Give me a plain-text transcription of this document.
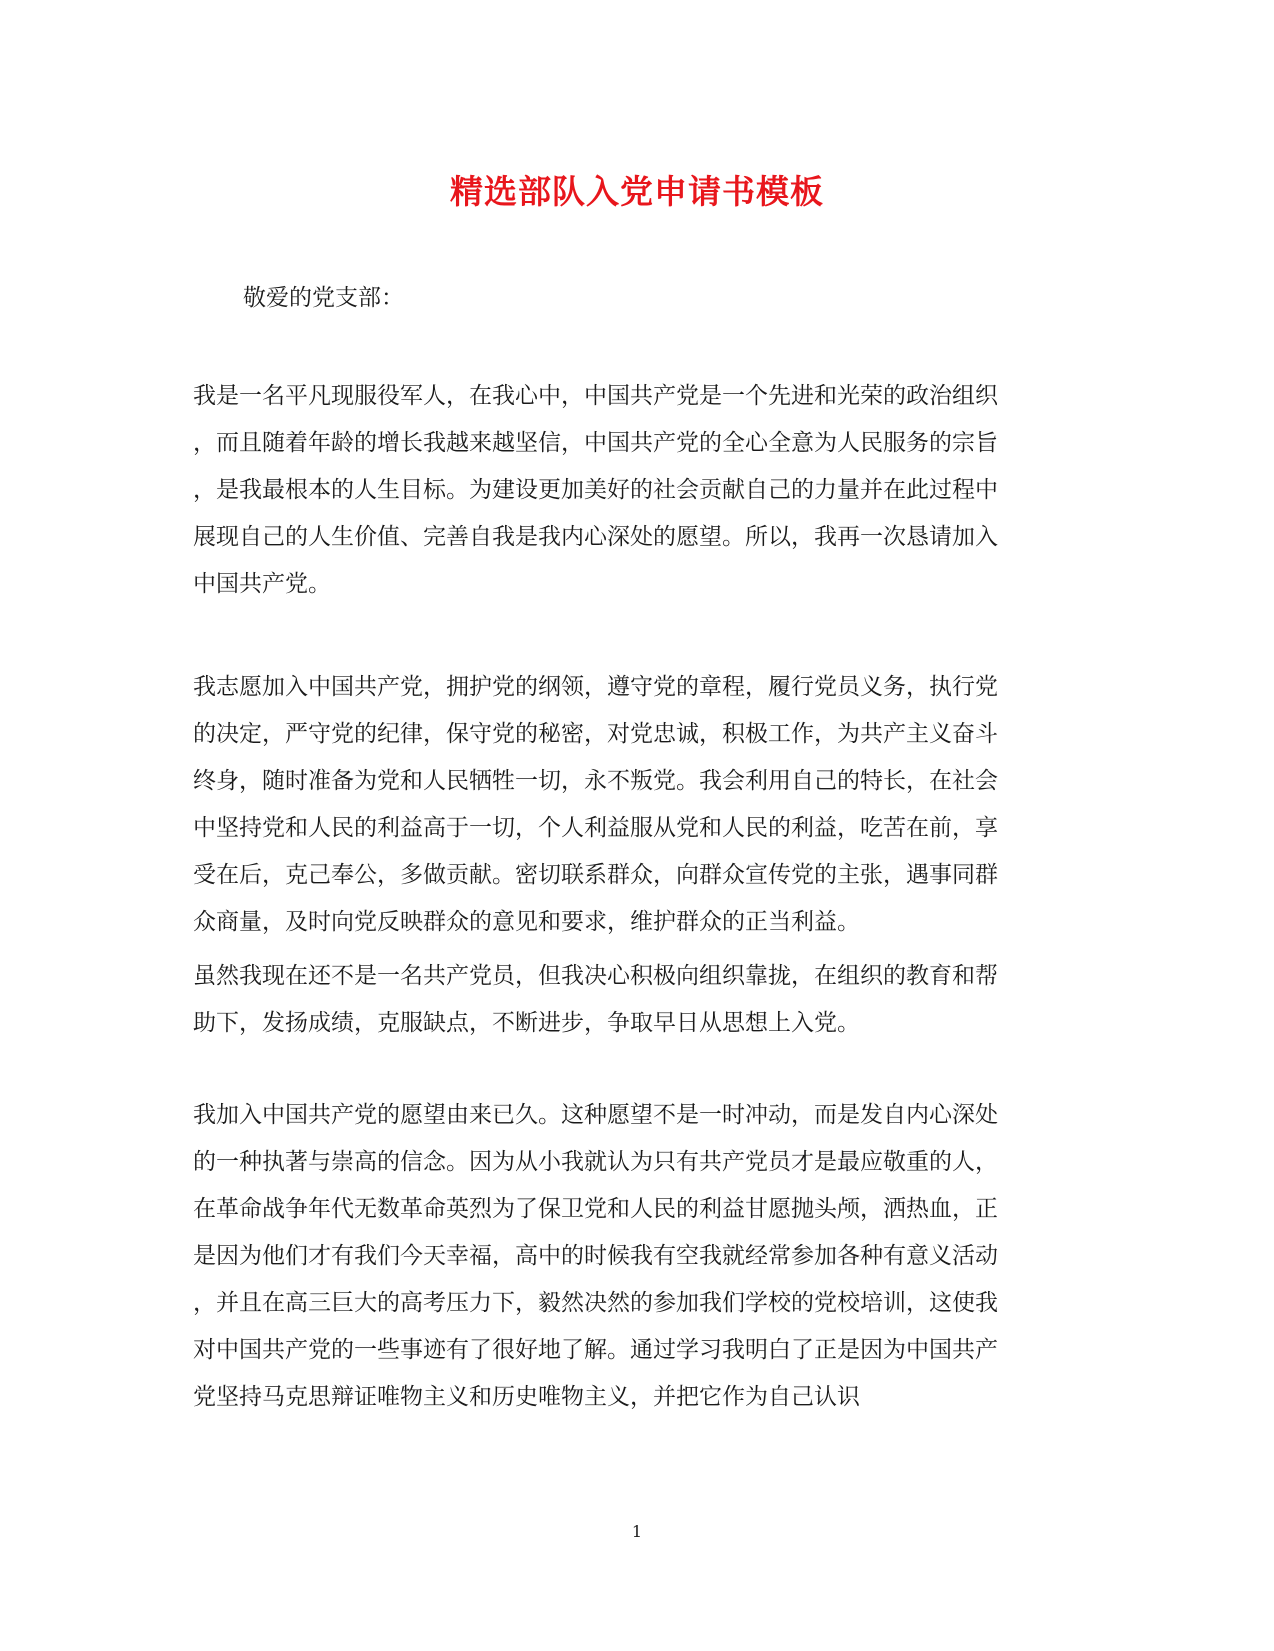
精选部队入党申请书模板
敬爱的党支部：
我是一名平凡现服役军人，在我心中，中国共产党是一个先进和光荣的政治组织
，而且随着年龄的增长我越来越坚信，中国共产党的全心全意为人民服务的宗旨
，是我最根本的人生目标。为建设更加美好的社会贡献自己的力量并在此过程中
展现自己的人生价值、完善自我是我内心深处的愿望。所以，我再一次恳请加入
中国共产党。
我志愿加入中国共产党，拥护党的纲领，遵守党的章程，履行党员义务，执行党
的决定，严守党的纪律，保守党的秘密，对党忠诚，积极工作，为共产主义奋斗
终身，随时准备为党和人民牺牲一切，永不叛党。我会利用自己的特长，在社会
中坚持党和人民的利益高于一切，个人利益服从党和人民的利益，吃苦在前，享
受在后，克己奉公，多做贡献。密切联系群众，向群众宣传党的主张，遇事同群
众商量，及时向党反映群众的意见和要求，维护群众的正当利益。
虽然我现在还不是一名共产党员，但我决心积极向组织靠拢，在组织的教育和帮
助下，发扬成绩，克服缺点，不断进步，争取早日从思想上入党。
我加入中国共产党的愿望由来已久。这种愿望不是一时冲动，而是发自内心深处
的一种执著与崇高的信念。因为从小我就认为只有共产党员才是最应敬重的人，
在革命战争年代无数革命英烈为了保卫党和人民的利益甘愿抛头颅，洒热血，正
是因为他们才有我们今天幸福，高中的时候我有空我就经常参加各种有意义活动
，并且在高三巨大的高考压力下，毅然决然的参加我们学校的党校培训，这使我
对中国共产党的一些事迹有了很好地了解。通过学习我明白了正是因为中国共产
党坚持马克思辩证唯物主义和历史唯物主义，并把它作为自己认识
1
